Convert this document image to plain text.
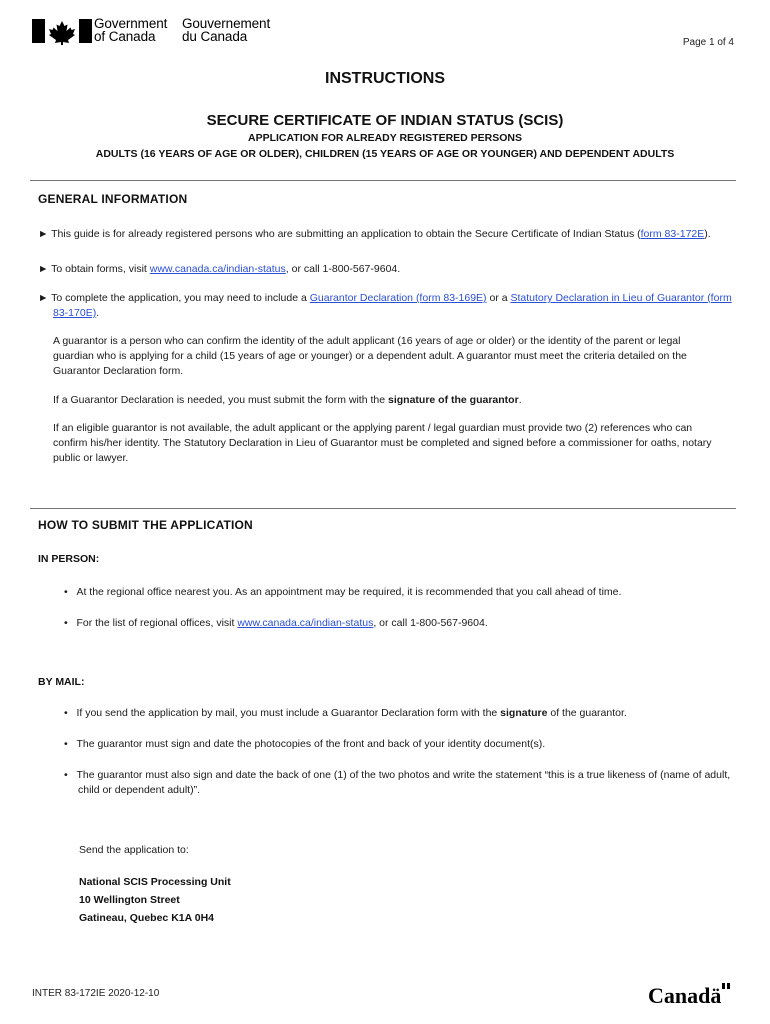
Government
of Canada
Gouvernement
du Canada	Page 1 of 4
INSTRUCTIONS
SECURE CERTIFICATE OF INDIAN STATUS (SCIS)
APPLICATION FOR ALREADY REGISTERED PERSONS
ADULTS (16 YEARS OF AGE OR OLDER), CHILDREN (15 YEARS OF AGE OR YOUNGER) AND DEPENDENT ADULTS
GENERAL INFORMATION
► This guide is for already registered persons who are submitting an application to obtain the Secure Certificate of Indian Status (form 83-172E).
► To obtain forms, visit www.canada.ca/indian-status, or call 1-800-567-9604.
► To complete the application, you may need to include a Guarantor Declaration (form 83-169E) or a Statutory Declaration in Lieu of Guarantor (form 83-170E).
A guarantor is a person who can confirm the identity of the adult applicant (16 years of age or older) or the identity of the parent or legal guardian who is applying for a child (15 years of age or younger) or a dependent adult. A guarantor must meet the criteria detailed on the Guarantor Declaration form.
If a Guarantor Declaration is needed, you must submit the form with the signature of the guarantor.
If an eligible guarantor is not available, the adult applicant or the applying parent / legal guardian must provide two (2) references who can confirm his/her identity. The Statutory Declaration in Lieu of Guarantor must be completed and signed before a commissioner for oaths, notary public or lawyer.
HOW TO SUBMIT THE APPLICATION
IN PERSON:
• At the regional office nearest you. As an appointment may be required, it is recommended that you call ahead of time.
• For the list of regional offices, visit www.canada.ca/indian-status, or call 1-800-567-9604.
BY MAIL:
• If you send the application by mail, you must include a Guarantor Declaration form with the signature of the guarantor.
• The guarantor must sign and date the photocopies of the front and back of your identity document(s).
• The guarantor must also sign and date the back of one (1) of the two photos and write the statement “this is a true likeness of (name of adult, child or dependent adult)”.
Send the application to:
National SCIS Processing Unit
10 Wellington Street
Gatineau, Quebec K1A 0H4
INTER 83-172IE 2020-12-10	Canadä
